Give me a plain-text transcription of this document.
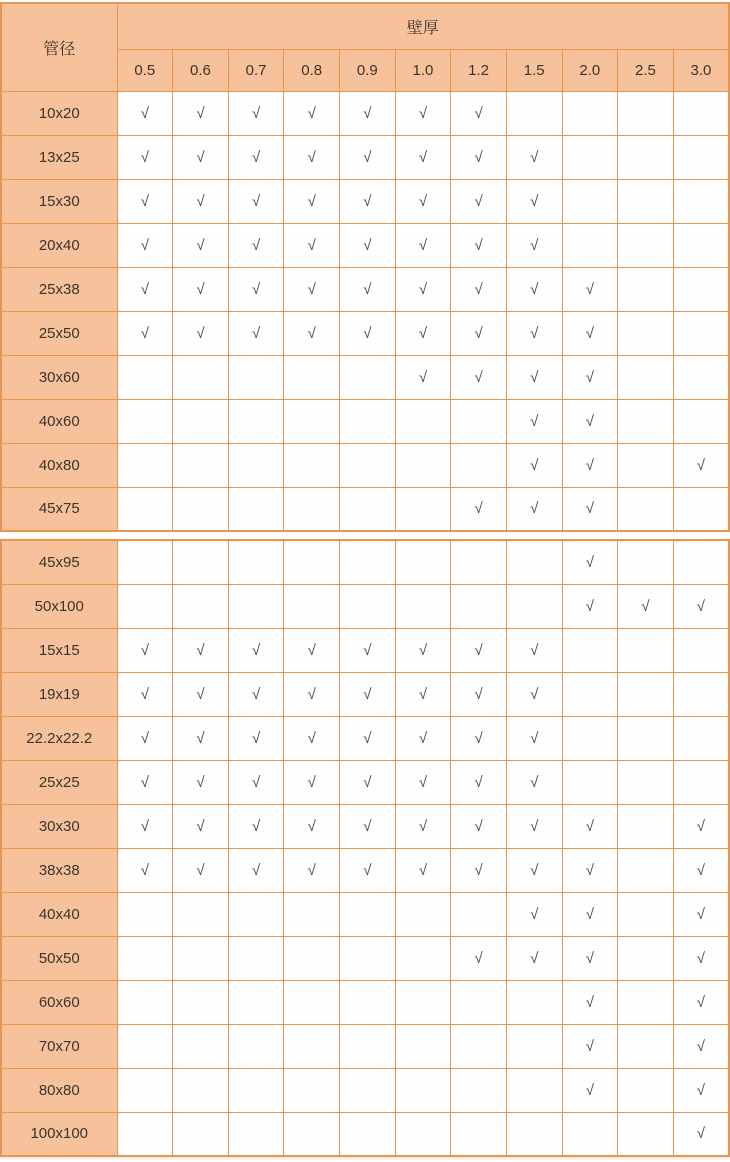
管径	壁厚										
	0.5	0.6	0.7	0.8	0.9	1.0	1.2	1.5	2.0	2.5	3.0
10x20	√	√	√	√	√	√	√				
13x25	√	√	√	√	√	√	√	√			
15x30	√	√	√	√	√	√	√	√			
20x40	√	√	√	√	√	√	√	√			
25x38	√	√	√	√	√	√	√	√	√		
25x50	√	√	√	√	√	√	√	√	√		
30x60						√	√	√	√		
40x60								√	√		
40x80								√	√		√
45x75							√	√	√		
45x95									√		
50x100									√	√	√
15x15	√	√	√	√	√	√	√	√			
19x19	√	√	√	√	√	√	√	√			
22.2x22.2	√	√	√	√	√	√	√	√			
25x25	√	√	√	√	√	√	√	√			
30x30	√	√	√	√	√	√	√	√	√		√
38x38	√	√	√	√	√	√	√	√	√		√
40x40								√	√		√
50x50							√	√	√		√
60x60									√		√
70x70									√		√
80x80									√		√
100x100											√
